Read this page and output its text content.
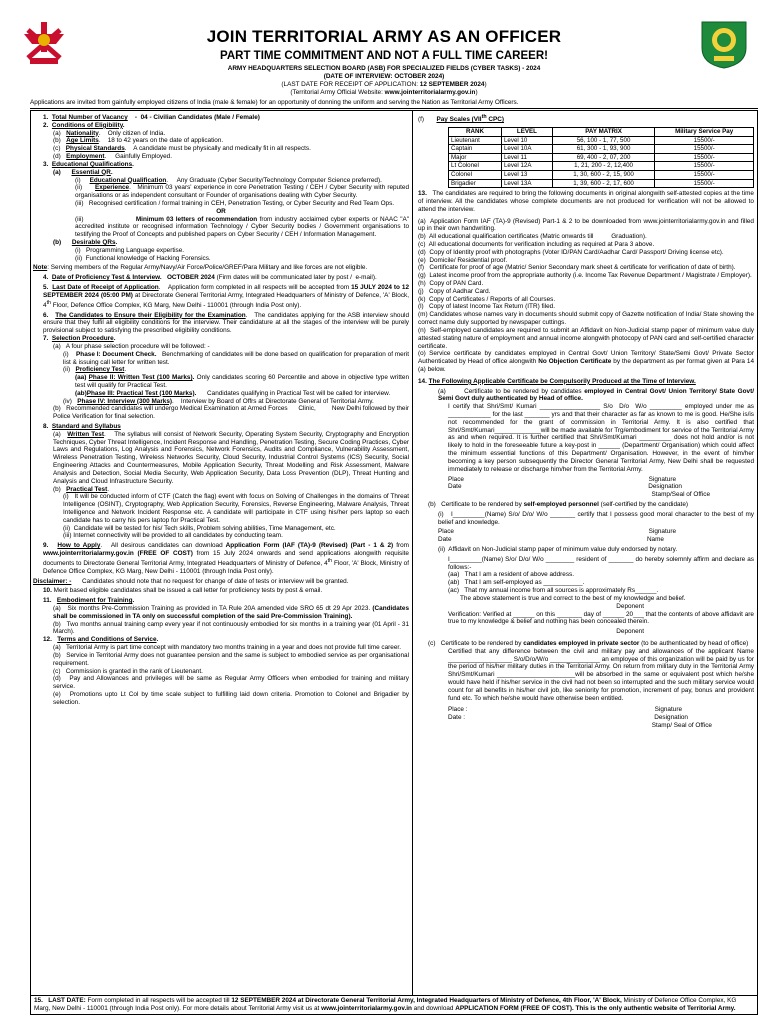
JOIN TERRITORIAL ARMY AS AN OFFICER
PART TIME COMMITMENT AND NOT A FULL TIME CAREER!
ARMY HEADQUARTERS SELECTION BOARD (ASB) FOR SPECIALIZED FIELDS (CYBER TASKS) - 2024
(DATE OF INTERVIEW: OCTOBER 2024)
(LAST DATE FOR RECEIPT OF APPLICATION: 12 SEPTEMBER 2024)
(Territorial Army Official Website: www.jointerritorialarmy.gov.in)
Applications are invited from gainfully employed citizens of India (male & female) for an opportunity of donning the uniform and serving the Nation as Territorial Army Officers.
1.  Total Number of Vacancy    -  04 - Civilian Candidates (Male / Female)
2.  Conditions of Eligibility.
(a)   Nationality.    Only citizen of India.
(b)   Age Limits.    18 to 42 years on the date of application.
(c)   Physical Standards.    A candidate must be physically and medically fit in all respects.
(d)   Employment.     Gainfully Employed.
3.  Educational Qualifications.
(a)      Essential QR.
(i)     Educational Qualification.     Any Graduate (Cyber Security/Technology Computer Science preferred).
(ii)      Experience.   Minimum 03 years' experience in core Penetration Testing / CEH / Cyber Security with reputed organisations or as independent consultant or Founder of organisations dealing with Cyber Security.
(iii)   Recognised certification / formal training in CEH, Penetration Testing, or Cyber Security and Red Team Ops.
OR
(iii)                      Minimum 03 letters of recommendation from industry acclaimed cyber experts or NAAC "A" accredited institute or recognised information Technology / Cyber Security bodies / Government organisations to testifying the Proof of Concepts and published papers on Cyber Security / CEH / Information Management.
(b)      Desirable QRs.
(i)   Programming Language expertise.
(ii)  Functional knowledge of Hacking Forensics.
Note: Serving members of the Regular Army/Navy/Air Force/Police/GREF/Para Military and like forces are not eligible.
4.  Date of Proficiency Test & Interview.   OCTOBER 2024 (Firm dates will be communicated later by post /  e-mail).
5.  Last Date of Receipt of Application.    Application form completed in all respects will be accepted from 15 JULY 2024 to 12 SEPTEMBER 2024 (05:00 PM) at Directorate General Territorial Army, Integrated Headquarters of Ministry of Defence, 'A' Block, 4th Floor, Defence Office Complex, KG Marg, New Delhi - 110001 (through India Post only).
6.   The Candidates to Ensure their Eligibility for the Examination.   The candidates applying for the ASB interview should ensure that they fulfil all eligibility conditions for the interview. Their candidature at all the stages of the interview will be purely provisional subject to satisfying the prescribed eligibility conditions.
7.  Selection Procedure.
(a)   A four phase selection procedure will be followed: -
(i)    Phase I: Document Check.   Benchmarking of candidates will be done based on qualification for preparation of merit list & issuing call letter for written test.
(ii)   Proficiency Test.
(aa) Phase II: Written Test (100 Marks). Only candidates scoring 60 Percentile and above in objective type written test will qualify for Practical Test.
(ab)Phase III: Practical Test (100 Marks).      Candidates qualifying in Practical Test will be called for interview.
(iv)   Phase IV: Interview (300 Marks).    Interview by Board of Offrs at Directorate General of Territorial Army.
(b)   Recommended candidates will undergo Medical Examination at Armed Forces      Clinic,         New Delhi followed by their Police Verification for final selection.
8.  Standard and Syllabus
(a)   Written Test.    The syllabus will consist of Network Security, Operating System Security, Cryptography and Encryption Techniques, Cyber Threat Intelligence, Incident Response and Handling, Penetration Testing, Secure Coding Practices, Cyber Laws and Regulations, Log Analysis and Forensics, Network Forensics, Audits and Compliance, Vulnerability Assessment, Wireless Penetration Testing, Wireless Networks Security, Cloud Security, Industrial Control Systems (ICS) Security, Social Engineering Attacks and Countermeasures, Mobile Application Security, Threat Modelling and Risk Assessment, Malware Analysis and Detection, Social Media Security, Web Application Security, Data Loss Prevention (DLP), Threat Hunting and Analysis and Cloud Infrastructure Security.
(b)   Practical Test.
(i)   It will be conducted inform of CTF (Catch the flag) event with focus on Solving of Challenges in the domains of Threat Intelligence (OSINT), Cryptography, Web Application Security, Forensics, Reverse Engineering, Malware Analysis, Threat Intelligence and Network Incident Response etc. A candidate will participate in CTF using his/her pers laptop so each candidate has to carry his pers laptop for Practical Test.
(ii)  Candidate will be tested for his/ Tech skills, Problem solving abilities, Time Management, etc.
(iii) Internet connectivity will be provided to all candidates by conducting team.
9.   How to Apply.   All desirous candidates can download Application Form (IAF (TA)-9 (Revised) (Part - 1 & 2) from www.jointerritorialarmy.gov.in (FREE OF COST) from 15 July 2024 onwards and send applications alongwith requisite documents to Directorate General Territorial Army, Integrated Headquarters of Ministry of Defence, 4th Floor, 'A' Block, Ministry of Defence Office Complex, KG Marg, New Delhi - 110001 (through India Post only).
Disclaimer: -      Candidates should note that no request for change of date of tests or interview will be granted.
10. Merit based eligible candidates shall be issued a call letter for proficiency tests by post & email.
11.   Embodiment for Training.
(a)   Six months Pre-Commission Training as provided in TA Rule 20A amended vide SRO 65 dt 29 Apr 2023. (Candidates shall be commissioned in TA only on successful completion of the said Pre-Commission Training).
(b)   Two months annual training camp every year if not continuously embodied for six months in a training year (01 April - 31 March).
12.   Terms and Conditions of Service.
(a)   Territorial Army is part time concept with mandatory two months training in a year and does not provide full time career.
(b)   Service in Territorial Army does not guarantee pension and the same is subject to embodied service as per organisational requirement.
(c)   Commission is granted in the rank of Lieutenant.
(d)   Pay and Allowances and privileges will be same as Regular Army Officers when embodied for training and military service.
(e)   Promotions upto Lt Col by time scale subject to fulfilling laid down criteria. Promotion to Colonel and Brigadier by selection.
(f)       Pay Scales (VIIth CPC)
RANK	LEVEL	PAY MATRIX	Military Service Pay
Lieutenant	Level 10	56, 100 - 1, 77, 500	15500/-
Captain	Level 10A	61, 300 - 1, 93, 900	15500/-
Major	Level 11	69, 400 - 2, 07, 200	15500/-
Lt Colonel	Level 12A	1, 21, 200 - 2, 12,400	15500/-
Colonel	Level 13	1, 30, 600 - 2, 15, 900	15500/-
Brigadier	Level 13A	1, 39, 600 - 2, 17, 600	15500/-
13.   The candidates are required to bring the following documents in original alongwith self-attested copies at the time of interview. All the candidates whose complete documents are not produced for verification will not be allowed to attend the interview.
(a)  Application Form IAF (TA)-9 (Revised) Part-1 & 2 to be downloaded from www.jointerritorialarmy.gov.in and filled up in their own handwriting.
(b)  All educational qualification certificates (Matric onwards till          Graduation).
(c)  All educational documents for verification including as required at Para 3 above.
(d)  Copy of Identity proof with photographs (Voter ID/PAN Card/Aadhar Card/ Passport/ Driving license etc).
(e)  Domicile/ Residential proof.
(f)   Certificate for proof of age (Matric/ Senior Secondary mark sheet & certificate for verification of date of birth).
(g)  Latest income proof from the appropriate authority (i.e. Income Tax Revenue Department / Magistrate / Employer).
(h)  Copy of PAN Card.
(j)   Copy of Aadhar Card.
(k)  Copy of Certificates / Reports of all Courses.
(l)   Copy of latest Income Tax Return (ITR) filed.
(m) Candidates whose names vary in documents should submit copy of Gazette notification of India/ State showing the correct name duly supported by newspaper cuttings.
(n)  Self-employed candidates are required to submit an Affidavit on Non-Judicial stamp paper of minimum value duly attested stating nature of employment and annual income alongwith photocopy of PAN card and self-certified character certificate.
(o) Service certificate by candidates employed in Central Govt/ Union Territory/ State/Semi Govt/ Private Sector Authenticated by Head of office alongwith No Objection Certificate by the department as per format given at Para 14 (a) below.
14. The Following Applicable Certificate be Compulsorily Produced at the Time of Interview.
(a)       Certificate to be rendered by candidates employed in Central Govt/ Union Territory/ State Govt/ Semi Govt duly authenticated by Head of office.
I certify that Shri/Smt/ Kumari _________________ S/o  D/o  W/o _________ employed under me as ____________ for the last _______ yrs and that their character as far as known to me is good. He/She is/is not recommended for the grant of commission in Territorial Army. It is also certified that Shri/Smt/Kumari_____________will be made available for Trg/embodiment for service of the Territorial Army as and when required. It is further certified that Shri/Smt/Kumari _________ does not hold and/or is not likely to hold in the foreseeable future a key-post in ______ (Department/ Organisation) which could affect the minimum essential functions of this Department/ Organisation. However, in the event of him/her becoming a key person subsequently the Director General Territorial Army, New Delhi shall be requested immediately to release or discharge him/her from the Territorial Army.
Place	Signature
Date	Designation
Stamp/Seal of Office

(b)   Certificate to be rendered by self-employed personnel (self-certified by the candidate)
(i)   I_________(Name) S/o/ D/o/ W/o _______ certify that I possess good moral character to the best of my belief and knowledge.
Place	Signature
Date	Name
(ii)  Affidavit on Non-Judicial stamp paper of minimum value duly endorsed by notary.
I_________(Name) S/o/ D/o/ W/o ________ resident of _______ do hereby solemnly affirm and declare as follows:-
(aa)   That I am a resident of above address.
(ab)   That I am self-employed as ___________.
(ac)   That my annual income from all sources is approximately Rs______.
The above statement is true and correct to the best of my knowledge and belief.
Deponent

Verification: Verified at ______ on this _______ day of ______ 20___ that the contents of above affidavit are true to my knowledge & belief and nothing has been concealed therein.
Deponent

(c)   Certificate to be rendered by candidates employed in private sector (to be authenticated by head of office)
Certified that any difference between the civil and military pay and allowances of the applicant Name __________________ S/o/D/o/W/o ______________ an employee of this organization will be paid by us for the period of his/her military duties in the Territorial Army. On return from military duty in the Territorial Army Shri/Smt/Kumari ______________________will be absorbed in the same or equivalent post which he/she would have held if his/her service in the civil had not been so interrupted and the such military service would count for all benefits in his/her civil job, like seniority for promotion, increment of pay, bonus and provident fund etc. To which he/she would have otherwise been entitled.
Place :	Signature
Date :	Designation
Stamp/ Seal of Office

15.   LAST DATE: Form completed in all respects will be accepted till 12 SEPTEMBER 2024 at Directorate General Territorial Army, Integrated Headquarters of Ministry of Defence, 4th Floor, 'A' Block, Ministry of Defence Office Complex, KG Marg, New Delhi - 110001 (through India Post only). For more details about Territorial Army visit us at www.jointerritorialarmy.gov.in and download APPLICATION FORM (FREE OF COST). This is the only authentic website of Territorial Army.
